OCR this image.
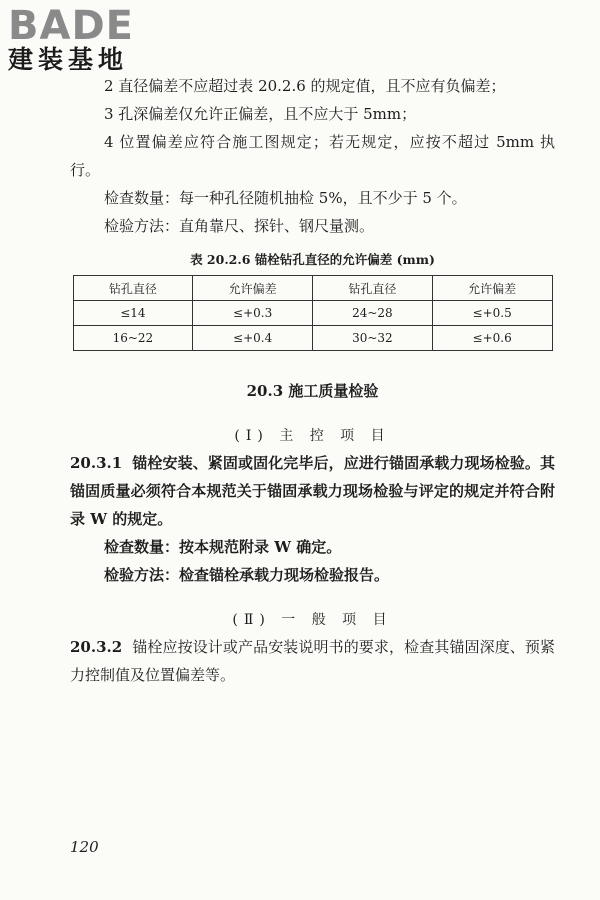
BADE
建装基地

2 直径偏差不应超过表 20.2.6 的规定值，且不应有负偏差；

3 孔深偏差仅允许正偏差，且不应大于 5mm；

4 位置偏差应符合施工图规定；若无规定，应按不超过 5mm 执行。

检查数量：每一种孔径随机抽检 5%，且不少于 5 个。

检验方法：直角靠尺、探针、钢尺量测。

表 20.2.6 锚栓钻孔直径的允许偏差 (mm)
钻孔直径	允许偏差	钻孔直径	允许偏差
≤14	≤+0.3	24~28	≤+0.5
16~22	≤+0.4	30~32	≤+0.6
20.3 施工质量检验
(Ⅰ) 主 控 项 目

20.3.1 锚栓安装、紧固或固化完毕后，应进行锚固承载力现场检验。其锚固质量必须符合本规范关于锚固承载力现场检验与评定的规定并符合附录 W 的规定。

检查数量：按本规范附录 W 确定。

检验方法：检查锚栓承载力现场检验报告。

(Ⅱ) 一 般 项 目

20.3.2 锚栓应按设计或产品安装说明书的要求，检查其锚固深度、预紧力控制值及位置偏差等。

120
